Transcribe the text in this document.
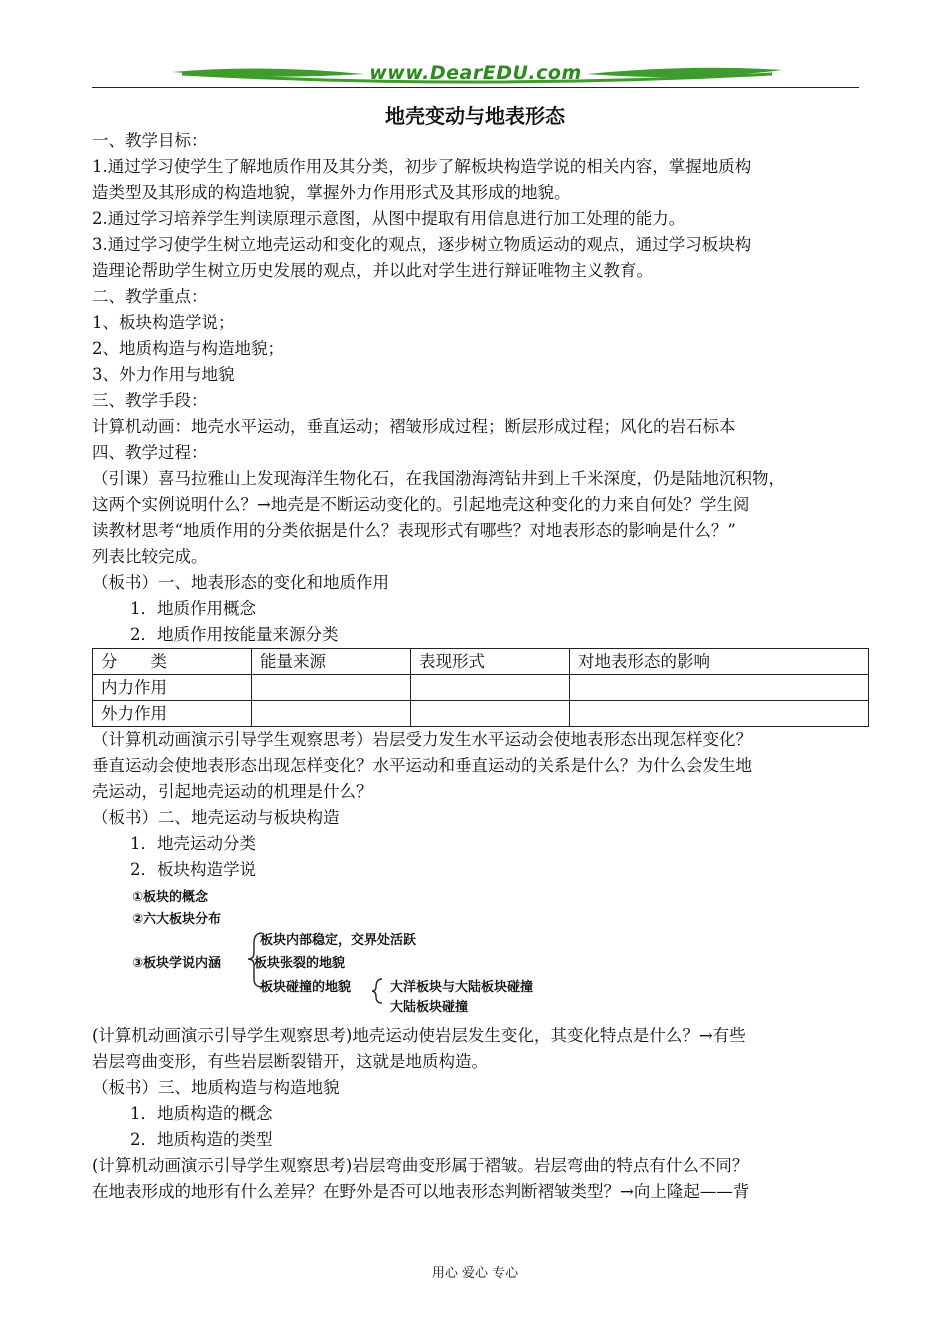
www.DearEDU.com
地壳变动与地表形态

一、教学目标：

1.通过学习使学生了解地质作用及其分类，初步了解板块构造学说的相关内容，掌握地质构

造类型及其形成的构造地貌，掌握外力作用形式及其形成的地貌。

2.通过学习培养学生判读原理示意图，从图中提取有用信息进行加工处理的能力。

3.通过学习使学生树立地壳运动和变化的观点，逐步树立物质运动的观点，通过学习板块构

造理论帮助学生树立历史发展的观点，并以此对学生进行辩证唯物主义教育。

二、教学重点：

1、板块构造学说；

2、地质构造与构造地貌；

3、外力作用与地貌

三、教学手段：

计算机动画：地壳水平运动，垂直运动；褶皱形成过程；断层形成过程；风化的岩石标本

四、教学过程：

（引课）喜马拉雅山上发现海洋生物化石，在我国渤海湾钻井到上千米深度，仍是陆地沉积物，

这两个实例说明什么？→地壳是不断运动变化的。引起地壳这种变化的力来自何处？学生阅

读教材思考“地质作用的分类依据是什么？表现形式有哪些？对地表形态的影响是什么？”

列表比较完成。

（板书）一、地表形态的变化和地质作用

1．地质作用概念

2．地质作用按能量来源分类

分　　类	能量来源	表现形式	对地表形态的影响
内力作用			
外力作用			

（计算机动画演示引导学生观察思考）岩层受力发生水平运动会使地表形态出现怎样变化？

垂直运动会使地表形态出现怎样变化？水平运动和垂直运动的关系是什么？为什么会发生地

壳运动，引起地壳运动的机理是什么？

（板书）二、地壳运动与板块构造

1．地壳运动分类

2．板块构造学说

①板块的概念
②六大板块分布
③板块学说内涵
板块内部稳定，交界处活跃
板块张裂的地貌
板块碰撞的地貌	大洋板块与大陆板块碰撞
大陆板块碰撞

(计算机动画演示引导学生观察思考)地壳运动使岩层发生变化，其变化特点是什么？→有些

岩层弯曲变形，有些岩层断裂错开，这就是地质构造。

（板书）三、地质构造与构造地貌

1．地质构造的概念

2．地质构造的类型

(计算机动画演示引导学生观察思考)岩层弯曲变形属于褶皱。岩层弯曲的特点有什么不同？

在地表形成的地形有什么差异？在野外是否可以地表形态判断褶皱类型？→向上隆起——背

用心 爱心 专心
